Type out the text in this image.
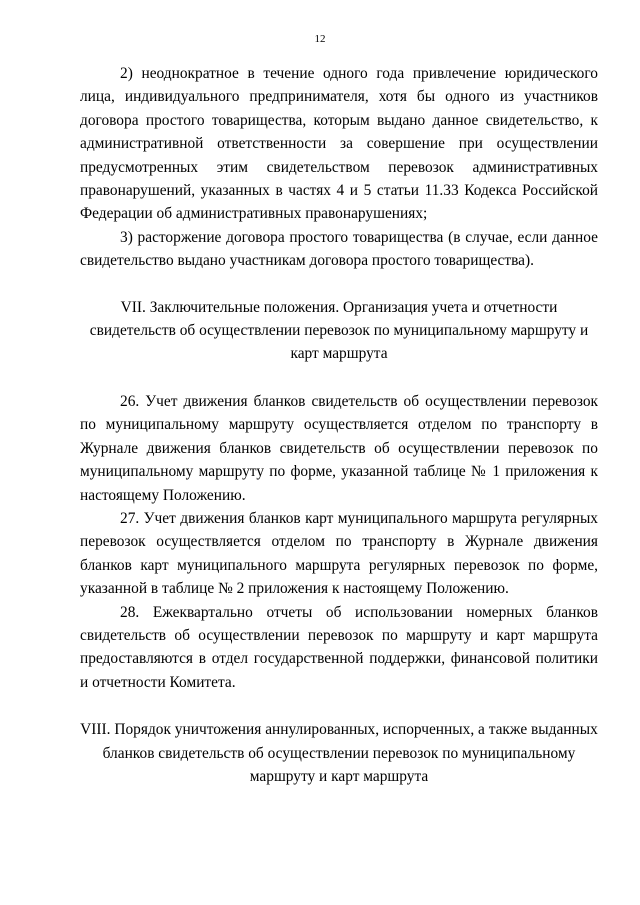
12

2) неоднократное в течение одного года привлечение юридического лица, индивидуального предпринимателя, хотя бы одного из участников договора простого товарищества, которым выдано данное свидетельство, к административной ответственности за совершение при осуществлении предусмотренных этим свидетельством перевозок административных правонарушений, указанных в частях 4 и 5 статьи 11.33 Кодекса Российской Федерации об административных правонарушениях;

3) расторжение договора простого товарищества (в случае, если данное свидетельство выдано участникам договора простого товарищества).

VII. Заключительные положения. Организация учета и отчетности свидетельств об осуществлении перевозок по муниципальному маршруту и карт маршрута

26. Учет движения бланков свидетельств об осуществлении перевозок по муниципальному маршруту осуществляется отделом по транспорту в Журнале движения бланков свидетельств об осуществлении перевозок по муниципальному маршруту по форме, указанной таблице № 1 приложения к настоящему Положению.

27. Учет движения бланков карт муниципального маршрута регулярных перевозок осуществляется отделом по транспорту в Журнале движения бланков карт муниципального маршрута регулярных перевозок по форме, указанной в таблице № 2 приложения к настоящему Положению.

28. Ежеквартально отчеты об использовании номерных бланков свидетельств об осуществлении перевозок по маршруту и карт маршрута предоставляются в отдел государственной поддержки, финансовой политики и отчетности Комитета.

VIII. Порядок уничтожения аннулированных, испорченных, а также выданных бланков свидетельств об осуществлении перевозок по муниципальному маршруту и карт маршрута
